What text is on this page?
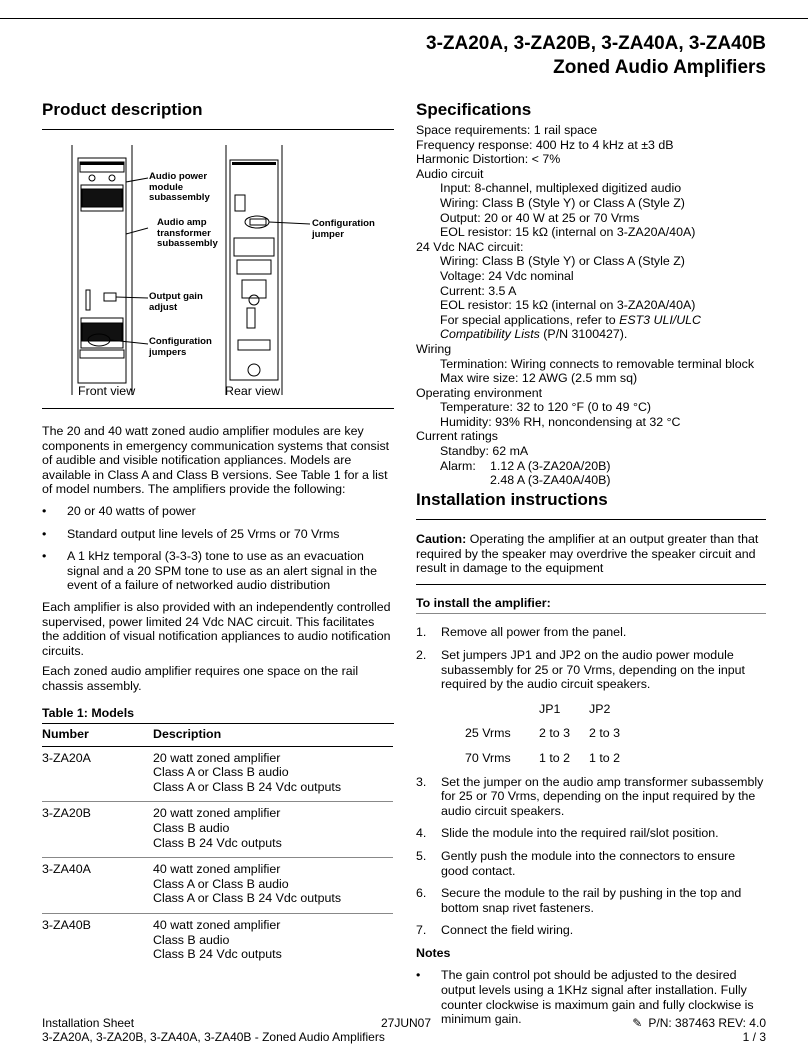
3-ZA20A, 3-ZA20B, 3-ZA40A, 3-ZA40B
Zoned Audio Amplifiers
Product description
Audio power module subassembly
Audio amp transformer subassembly
Output gain adjust
Configuration jumpers
Configuration jumper
Front view	Rear view

The 20 and 40 watt zoned audio amplifier modules are key components in emergency communication systems that consist of audible and visible notification appliances. Models are available in Class A and Class B versions. See Table 1 for a list of model numbers. The amplifiers provide the following:

• 20 or 40 watts of power
• Standard output line levels of 25 Vrms or 70 Vrms
• A 1 kHz temporal (3-3-3) tone to use as an evacuation signal and a 20 SPM tone to use as an alert signal in the event of a failure of networked audio distribution

Each amplifier is also provided with an independently controlled supervised, power limited 24 Vdc NAC circuit. This facilitates the addition of visual notification appliances to audio notification circuits.

Each zoned audio amplifier requires one space on the rail chassis assembly.

Table 1: Models

Number	Description
3-ZA20A	20 watt zoned amplifier
Class A or Class B audio
Class A or Class B 24 Vdc outputs

3-ZA20B	20 watt zoned amplifier
Class B audio
Class B 24 Vdc outputs

3-ZA40A	40 watt zoned amplifier
Class A or Class B audio
Class A or Class B 24 Vdc outputs

3-ZA40B	40 watt zoned amplifier
Class B audio
Class B 24 Vdc outputs
Specifications
Space requirements: 1 rail space
Frequency response: 400 Hz to 4 kHz at ±3 dB
Harmonic Distortion: < 7%
Audio circuit
Input: 8-channel, multiplexed digitized audio
Wiring: Class B (Style Y) or Class A (Style Z)
Output: 20 or 40 W at 25 or 70 Vrms
EOL resistor: 15 kΩ (internal on 3-ZA20A/40A)
24 Vdc NAC circuit:
Wiring: Class B (Style Y) or Class A (Style Z)
Voltage: 24 Vdc nominal
Current: 3.5 A
EOL resistor: 15 kΩ (internal on 3-ZA20A/40A)
For special applications, refer to EST3 ULI/ULC
Compatibility Lists (P/N 3100427).
Wiring
Termination: Wiring connects to removable terminal block
Max wire size: 12 AWG (2.5 mm sq)
Operating environment
Temperature: 32 to 120 °F (0 to 49 °C)
Humidity: 93% RH, noncondensing at 32 °C
Current ratings
Standby: 62 mA
Alarm: 1.12 A (3-ZA20A/20B)
2.48 A (3-ZA40A/40B)
Installation instructions

Caution: Operating the amplifier at an output greater than that required by the speaker may overdrive the speaker circuit and result in damage to the equipment

To install the amplifier:

1. Remove all power from the panel.
2. Set jumpers JP1 and JP2 on the audio power module subassembly for 25 or 70 Vrms, depending on the input required by the audio circuit speakers.
	JP1	JP2
25 Vrms	2 to 3	2 to 3
70 Vrms	1 to 2	1 to 2
3. Set the jumper on the audio amp transformer subassembly for 25 or 70 Vrms, depending on the input required by the audio circuit speakers.
4. Slide the module into the required rail/slot position.
5. Gently push the module into the connectors to ensure good contact.
6. Secure the module to the rail by pushing in the top and bottom snap rivet fasteners.
7. Connect the field wiring.

Notes

• The gain control pot should be adjusted to the desired output levels using a 1KHz signal after installation. Fully counter clockwise is maximum gain and fully clockwise is minimum gain.
Installation Sheet
3-ZA20A, 3-ZA20B, 3-ZA40A, 3-ZA40B - Zoned Audio Amplifiers
27JUN07	✎ P/N: 387463 REV: 4.0
1 / 3
